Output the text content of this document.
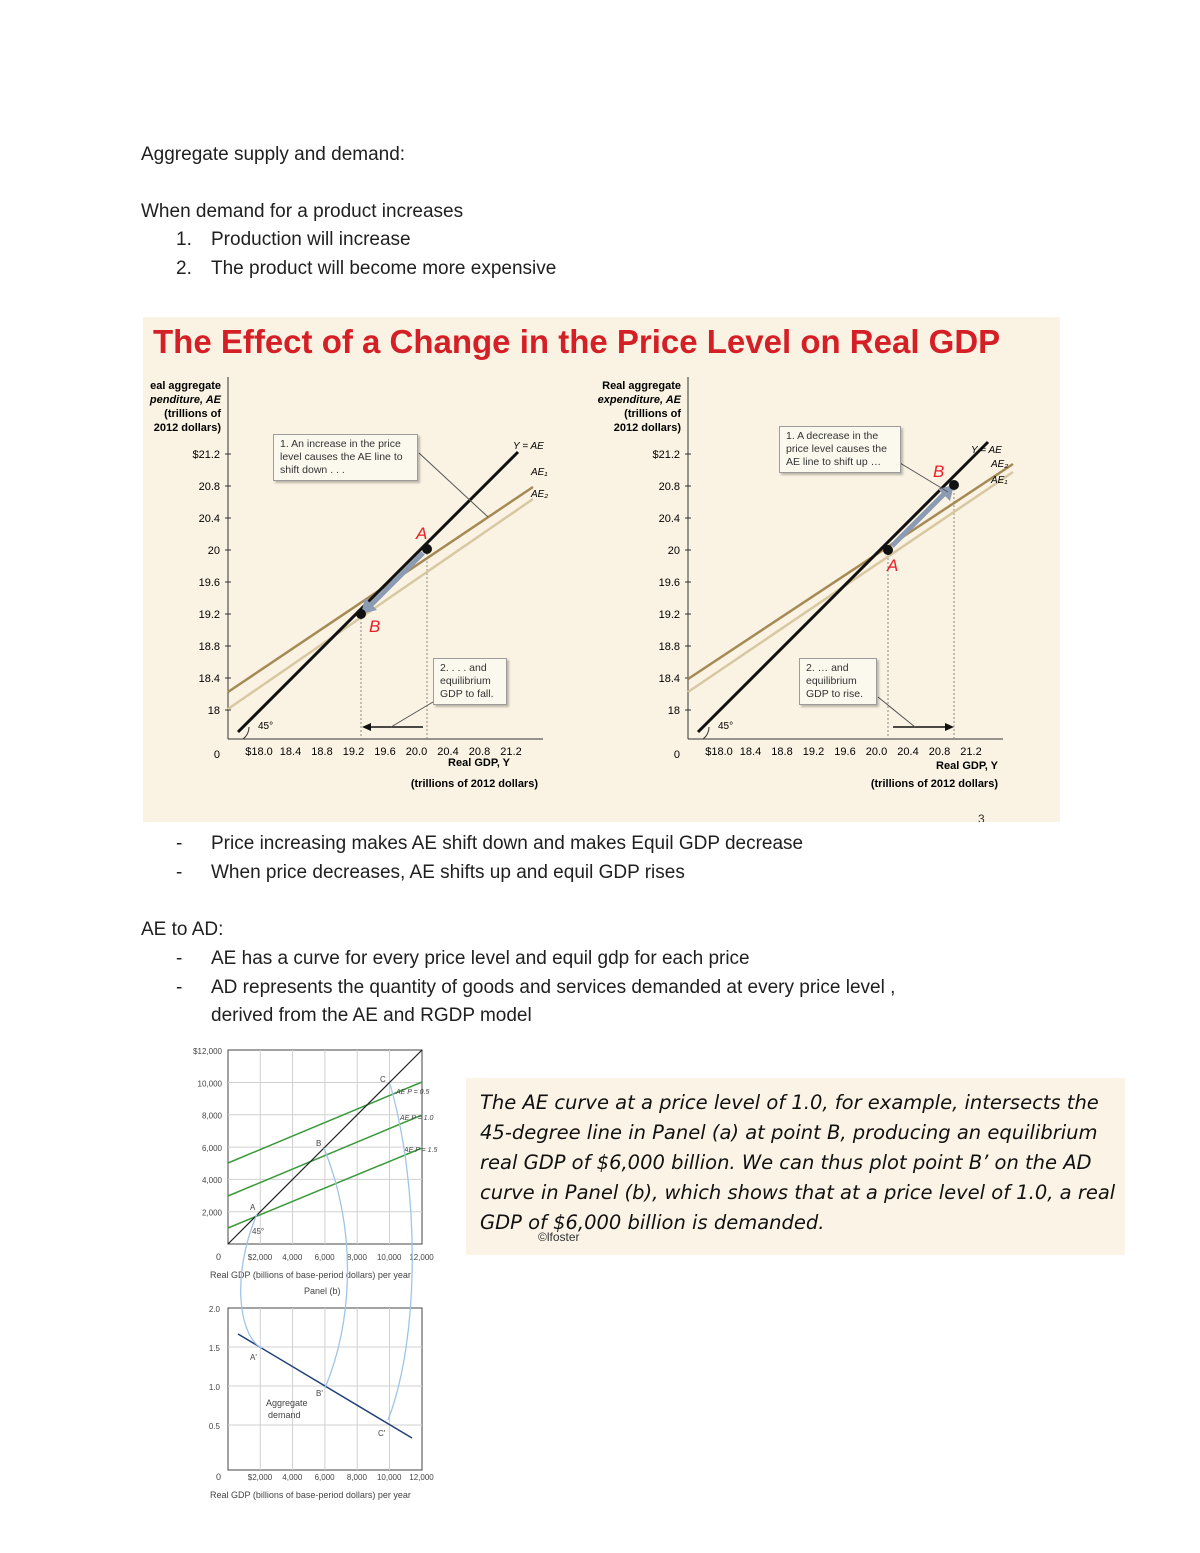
Aggregate supply and demand:
When demand for a product increases
1. Production will increase
2. The product will become more expensive
The Effect of a Change in the Price Level on Real GDP
eal aggregate
penditure, AE
(trillions of
2012 dollars)
$21.2
20.8
20.4
20
19.6
19.2
18.8
18.4
18
0 $18.0 18.4 18.8 19.2 19.6 20.0 20.4 20.8 21.2
45°
Real GDP, Y
(trillions of 2012 dollars)
Y = AE
AE₁
AE₂
A
B
Real aggregate
expenditure, AE
(trillions of
2012 dollars)
$21.2
20.8
20.4
20
19.6
19.2
18.8
18.4
18
0 $18.0 18.4 18.8 19.2 19.6 20.0 20.4 20.8 21.2
45°
Real GDP, Y
(trillions of 2012 dollars)
Y = AE
AE₂
AE₁
A
B
1. An increase in the price level causes the AE line to shift down . . .
2. . . . and equilibrium GDP to fall.
1. A decrease in the price level causes the AE line to shift up …
2. … and equilibrium GDP to rise.
3
- Price increasing makes AE shift down and makes Equil GDP decrease
- When price decreases, AE shifts up and equil GDP rises
AE to AD:
- AE has a curve for every price level and equil gdp for each price
- AD represents the quantity of goods and services demanded at every price level ,
derived from the AE and RGDP model
$12,000
10,000
8,000
6,000
4,000
2,000
$2,000 4,000 6,000 8,000 10,000 12,000
0
Real GDP (billions of base-period dollars) per year
Panel (b)
45°
A
B
C
AE P = 0.5
AE P = 1.0
AE P = 1.5
2.0
1.5
1.0
0.5
$2,000 4,000 6,000 8,000 10,000 12,000
0
Real GDP (billions of base-period dollars) per year
A'
B'
C'
Aggregate
demand
The AE curve at a price level of 1.0, for example, intersects the 45-degree line in Panel (a) at point B, producing an equilibrium real GDP of $6,000 billion. We can thus plot point B’ on the AD curve in Panel (b), which shows that at a price level of 1.0, a real GDP of $6,000 billion is demanded.
©lfoster
